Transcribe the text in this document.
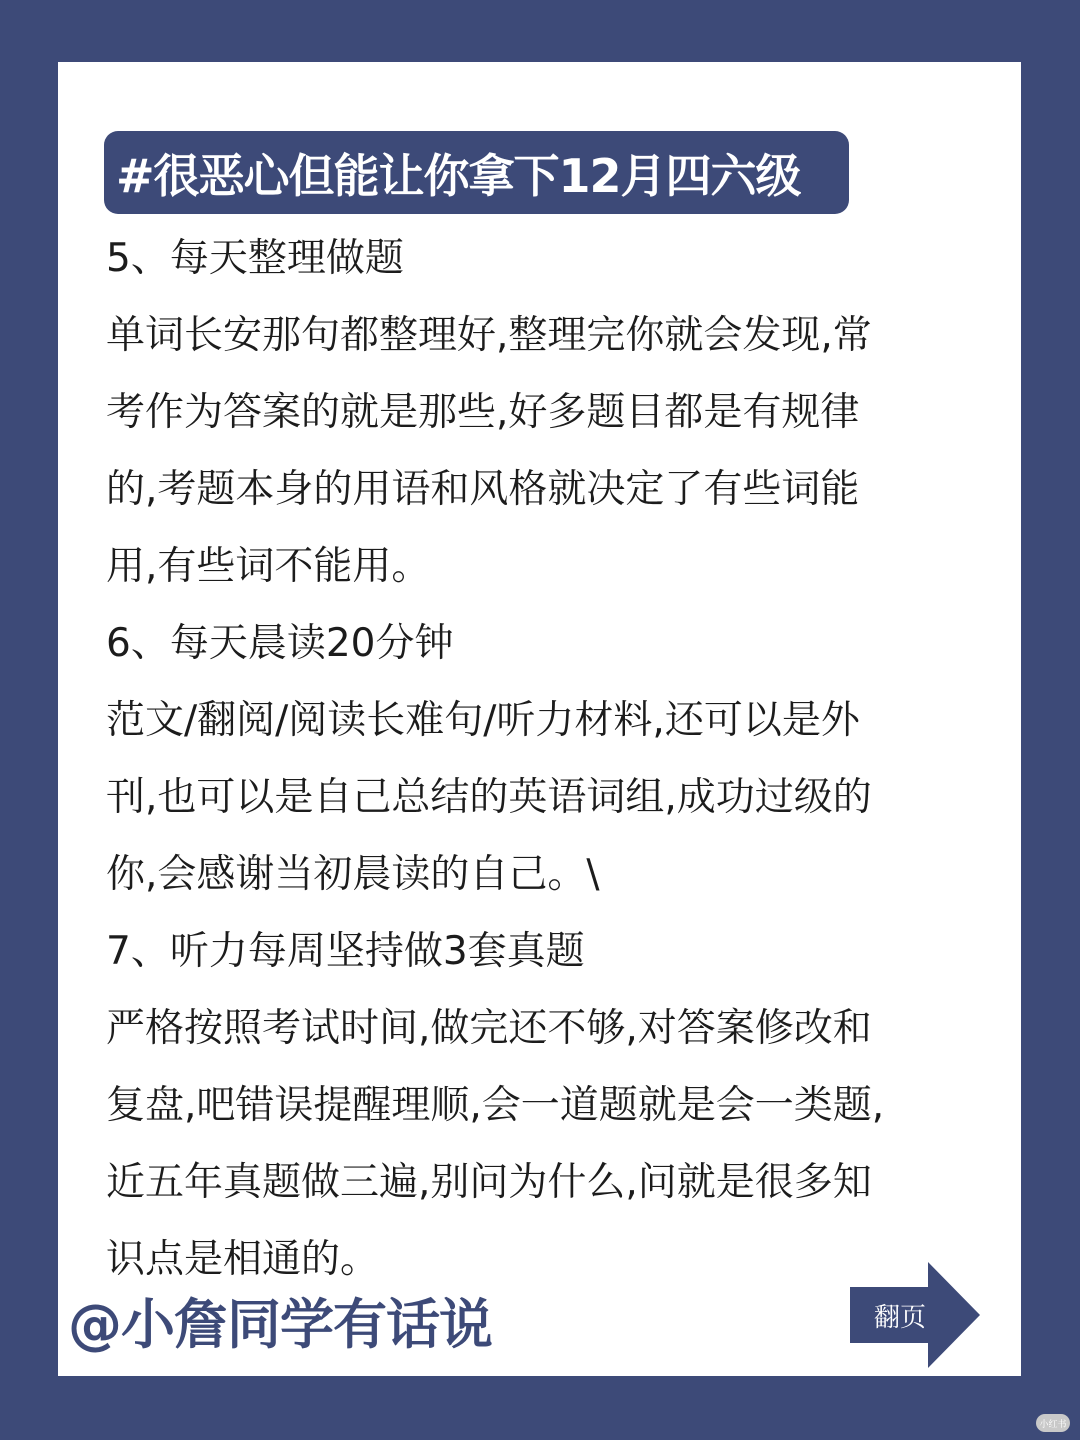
#很恶心但能让你拿下12月四六级
5、每天整理做题
单词长安那句都整理好,整理完你就会发现,常
考作为答案的就是那些,好多题目都是有规律
的,考题本身的用语和风格就决定了有些词能
用,有些词不能用。
6、每天晨读20分钟
范文/翻阅/阅读长难句/听力材料,还可以是外
刊,也可以是自己总结的英语词组,成功过级的
你,会感谢当初晨读的自己。\
7、听力每周坚持做3套真题
严格按照考试时间,做完还不够,对答案修改和
复盘,吧错误提醒理顺,会一道题就是会一类题,
近五年真题做三遍,别问为什么,问就是很多知
识点是相通的。
@小詹同学有话说	翻页
小红书
